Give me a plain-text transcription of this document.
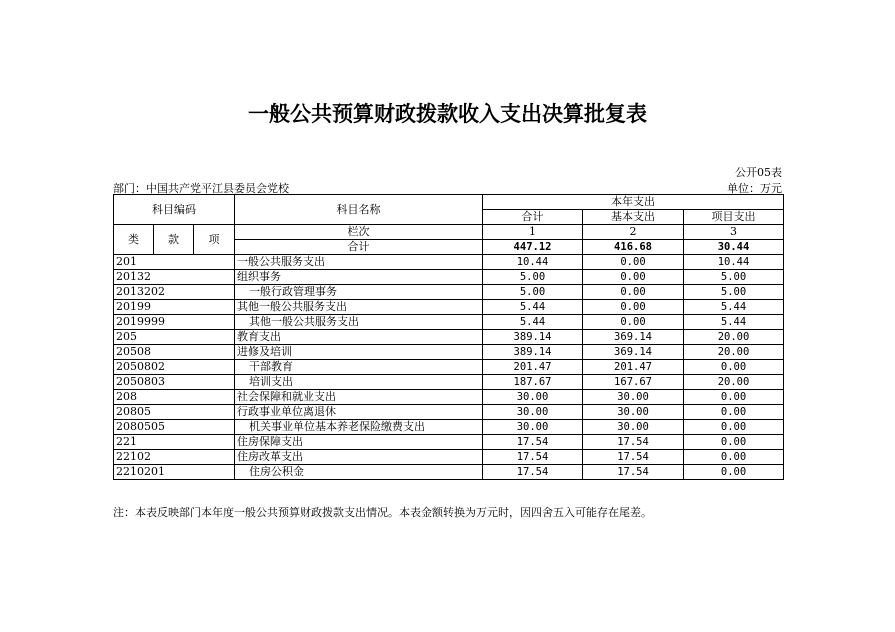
一般公共预算财政拨款收入支出决算批复表
公开05表
部门：中国共产党平江县委员会党校	单位：万元
科目编码			科目名称	本年支出		
				合计	基本支出	项目支出
类	款	项	栏次	1	2	3
			合计	447.12	416.68	30.44
201			一般公共服务支出	10.44	0.00	10.44
20132			组织事务	5.00	0.00	5.00
2013202			一般行政管理事务	5.00	0.00	5.00
20199			其他一般公共服务支出	5.44	0.00	5.44
2019999			其他一般公共服务支出	5.44	0.00	5.44
205			教育支出	389.14	369.14	20.00
20508			进修及培训	389.14	369.14	20.00
2050802			干部教育	201.47	201.47	0.00
2050803			培训支出	187.67	167.67	20.00
208			社会保障和就业支出	30.00	30.00	0.00
20805			行政事业单位离退休	30.00	30.00	0.00
2080505			机关事业单位基本养老保险缴费支出	30.00	30.00	0.00
221			住房保障支出	17.54	17.54	0.00
22102			住房改革支出	17.54	17.54	0.00
2210201			住房公积金	17.54	17.54	0.00
注：本表反映部门本年度一般公共预算财政拨款支出情况。本表金额转换为万元时，因四舍五入可能存在尾差。
